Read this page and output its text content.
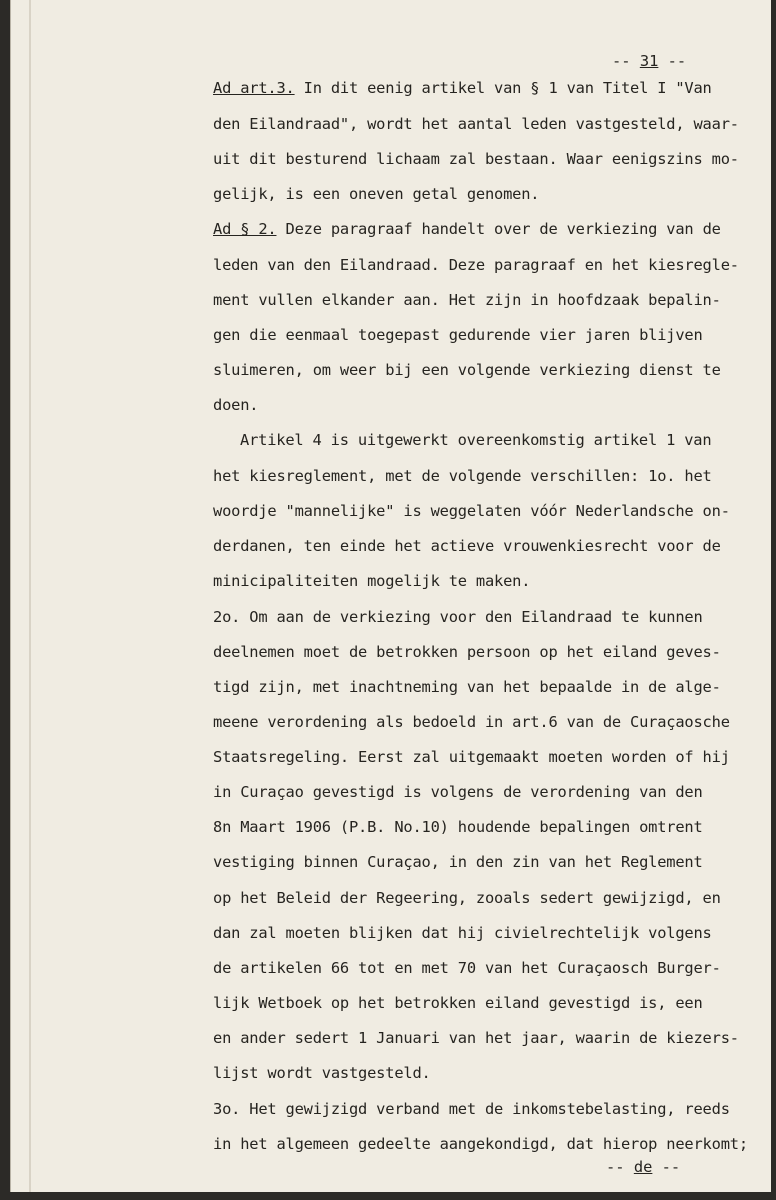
-- 31 --
Ad art.3. In dit eenig artikel van § 1 van Titel I "Van
den Eilandraad", wordt het aantal leden vastgesteld, waar-
uit dit besturend lichaam zal bestaan. Waar eenigszins mo-
gelijk, is een oneven getal genomen.
Ad § 2. Deze paragraaf handelt over de verkiezing van de
leden van den Eilandraad. Deze paragraaf en het kiesregle-
ment vullen elkander aan. Het zijn in hoofdzaak bepalin-
gen die eenmaal toegepast gedurende vier jaren blijven
sluimeren, om weer bij een volgende verkiezing dienst te
doen.
Artikel 4 is uitgewerkt overeenkomstig artikel 1 van
het kiesreglement, met de volgende verschillen: 1o. het
woordje "mannelijke" is weggelaten vóór Nederlandsche on-
derdanen, ten einde het actieve vrouwenkiesrecht voor de
minicipaliteiten mogelijk te maken.
2o. Om aan de verkiezing voor den Eilandraad te kunnen
deelnemen moet de betrokken persoon op het eiland geves-
tigd zijn, met inachtneming van het bepaalde in de alge-
meene verordening als bedoeld in art.6 van de Curaçaosche
Staatsregeling. Eerst zal uitgemaakt moeten worden of hij
in Curaçao gevestigd is volgens de verordening van den
8n Maart 1906 (P.B. No.10) houdende bepalingen omtrent
vestiging binnen Curaçao, in den zin van het Reglement
op het Beleid der Regeering, zooals sedert gewijzigd, en
dan zal moeten blijken dat hij civielrechtelijk volgens
de artikelen 66 tot en met 70 van het Curaçaosch Burger-
lijk Wetboek op het betrokken eiland gevestigd is, een
en ander sedert 1 Januari van het jaar, waarin de kiezers-
lijst wordt vastgesteld.
3o. Het gewijzigd verband met de inkomstebelasting, reeds
in het algemeen gedeelte aangekondigd, dat hierop neerkomt;
-- de --
